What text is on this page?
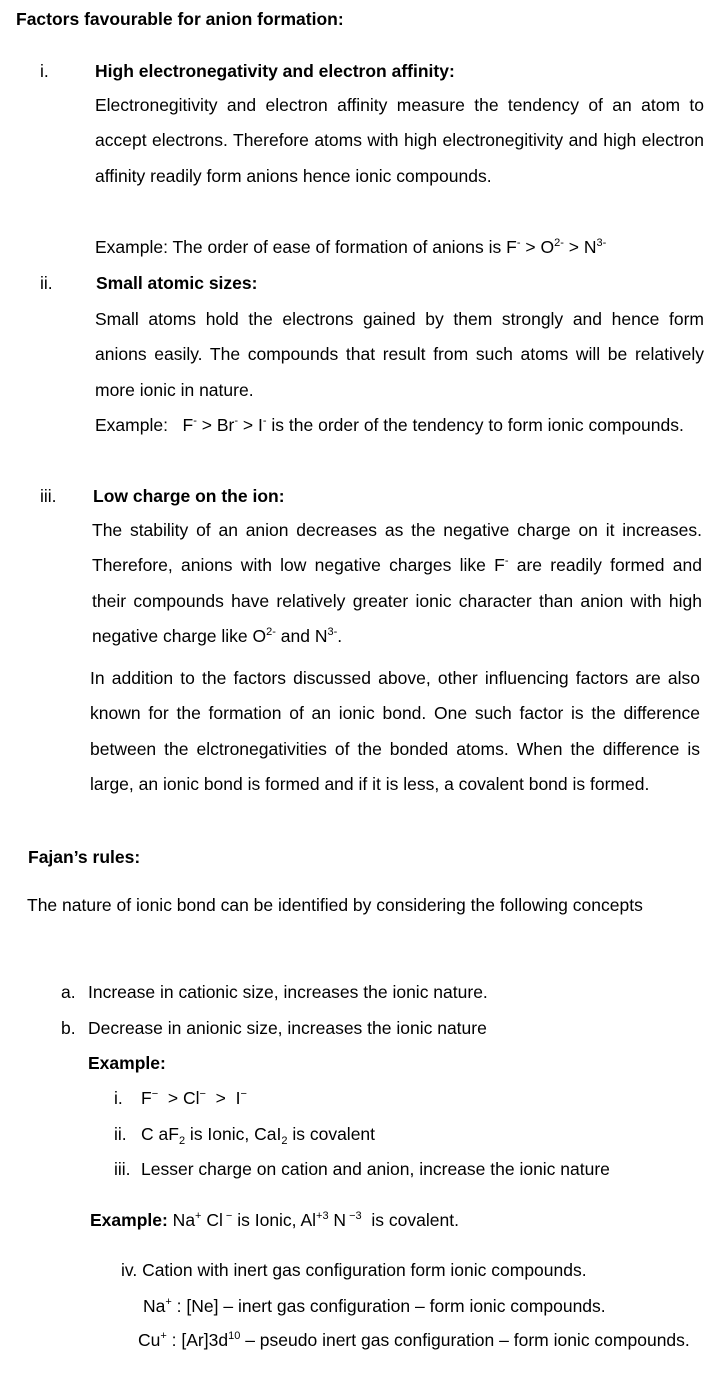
Factors favourable for anion formation:
i.	High electronegativity and electron affinity:
Electronegitivity and electron affinity measure the tendency of an atom to accept electrons. Therefore atoms with high electronegitivity and high electron affinity readily form anions hence ionic compounds.
Example: The order of ease of formation of anions is $F^- > O^{2-} > N^{3-}$
ii. Small atomic sizes:
Small atoms hold the electrons gained by them strongly and hence form anions easily. The compounds that result from such atoms will be relatively more ionic in nature.
Example: F- > Br- > I- is the order of the tendency to form ionic compounds.
iii. Low charge on the ion:
The stability of an anion decreases as the negative charge on it increases. Therefore, anions with low negative charges like F- are readily formed and their compounds have relatively greater ionic character than anion with high negative charge like $O^{2-}$ and $N^{3-}$.
In addition to the factors discussed above, other influencing factors are also known for the formation of an ionic bond. One such factor is the difference between the elctronegativities of the bonded atoms. When the difference is large, an ionic bond is formed and if it is less, a covalent bond is formed.
Fajan’s rules:
The nature of ionic bond can be identified by considering the following concepts
a. Increase in cationic size, increases the ionic nature.
b. Decrease in anionic size, increases the ionic nature
Example:
i. F−  > Cl−  >  I−
ii. C $aF_2$ is Ionic, CaI$_2$ is covalent
iii. Lesser charge on cation and anion, increase the ionic nature
Example: Na+ Cl − is Ionic, $Al^{+3}$ N $^{-3}$  is covalent.
iv. Cation with inert gas configuration form ionic compounds.
Na+ : [Ne] – inert gas configuration – form ionic compounds.
Cu+ : $[Ar]3d^{10}$ – pseudo inert gas configuration – form ionic compounds.
